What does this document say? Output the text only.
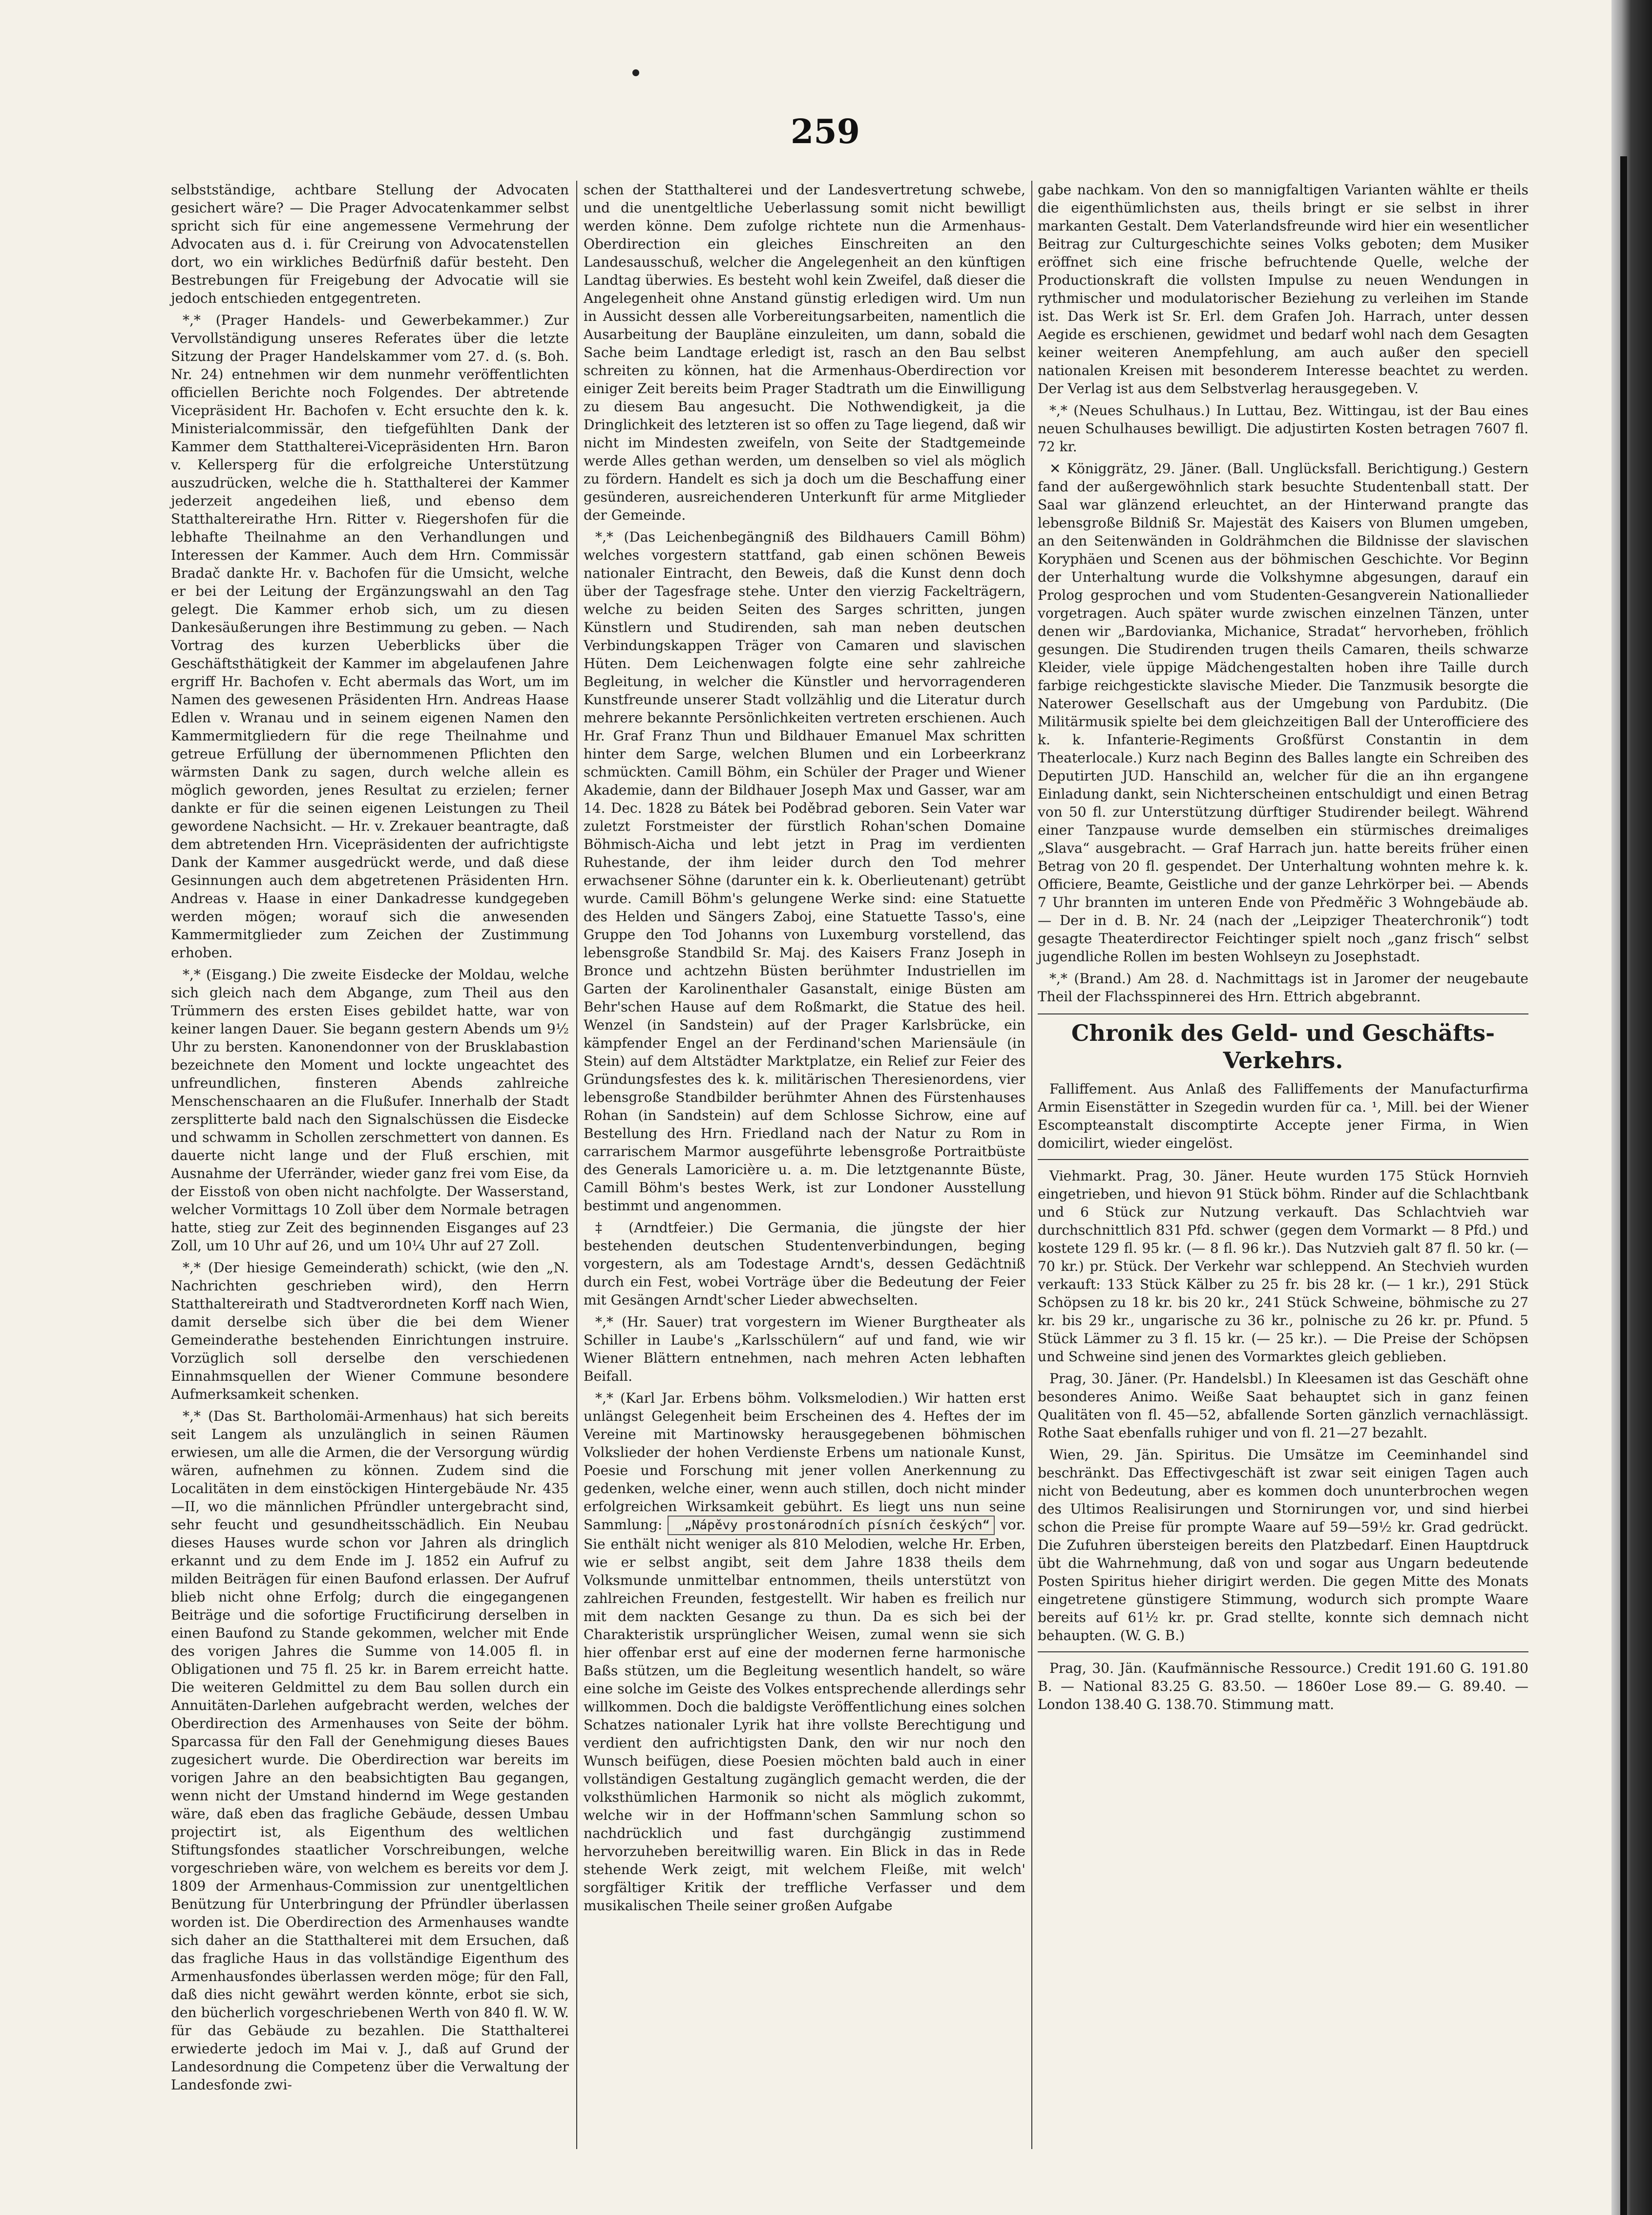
259

selbstständige, achtbare Stellung der Advocaten gesichert wäre? — Die Prager Advocatenkammer selbst spricht sich für eine angemessene Vermehrung der Advocaten aus d. i. für Creirung von Advocatenstellen dort, wo ein wirkliches Bedürfniß dafür besteht. Den Bestrebungen für Freigebung der Advocatie will sie jedoch entschieden entgegentreten.

*,* (Prager Handels- und Gewerbekammer.) Zur Vervollständigung unseres Referates über die letzte Sitzung der Prager Handelskammer vom 27. d. (s. Boh. Nr. 24) entnehmen wir dem nunmehr veröffentlichten officiellen Berichte noch Folgendes. Der abtretende Vicepräsident Hr. Bachofen v. Echt ersuchte den k. k. Ministerialcommissär, den tiefgefühlten Dank der Kammer dem Statthalterei-Vicepräsidenten Hrn. Baron v. Kellersperg für die erfolgreiche Unterstützung auszudrücken, welche die h. Statthalterei der Kammer jederzeit angedeihen ließ, und ebenso dem Statthaltereirathe Hrn. Ritter v. Riegershofen für die lebhafte Theilnahme an den Verhandlungen und Interessen der Kammer. Auch dem Hrn. Commissär Bradač dankte Hr. v. Bachofen für die Umsicht, welche er bei der Leitung der Ergänzungswahl an den Tag gelegt. Die Kammer erhob sich, um zu diesen Dankesäußerungen ihre Bestimmung zu geben. — Nach Vortrag des kurzen Ueberblicks über die Geschäftsthätigkeit der Kammer im abgelaufenen Jahre ergriff Hr. Bachofen v. Echt abermals das Wort, um im Namen des gewesenen Präsidenten Hrn. Andreas Haase Edlen v. Wranau und in seinem eigenen Namen den Kammermitgliedern für die rege Theilnahme und getreue Erfüllung der übernommenen Pflichten den wärmsten Dank zu sagen, durch welche allein es möglich geworden, jenes Resultat zu erzielen; ferner dankte er für die seinen eigenen Leistungen zu Theil gewordene Nachsicht. — Hr. v. Zrekauer beantragte, daß dem abtretenden Hrn. Vicepräsidenten der aufrichtigste Dank der Kammer ausgedrückt werde, und daß diese Gesinnungen auch dem abgetretenen Präsidenten Hrn. Andreas v. Haase in einer Dankadresse kundgegeben werden mögen; worauf sich die anwesenden Kammermitglieder zum Zeichen der Zustimmung erhoben.

*,* (Eisgang.) Die zweite Eisdecke der Moldau, welche sich gleich nach dem Abgange, zum Theil aus den Trümmern des ersten Eises gebildet hatte, war von keiner langen Dauer. Sie begann gestern Abends um 9½ Uhr zu bersten. Kanonendonner von der Brusklabastion bezeichnete den Moment und lockte ungeachtet des unfreundlichen, finsteren Abends zahlreiche Menschenschaaren an die Flußufer. Innerhalb der Stadt zersplitterte bald nach den Signalschüssen die Eisdecke und schwamm in Schollen zerschmettert von dannen. Es dauerte nicht lange und der Fluß erschien, mit Ausnahme der Uferränder, wieder ganz frei vom Eise, da der Eisstoß von oben nicht nachfolgte. Der Wasserstand, welcher Vormittags 10 Zoll über dem Normale betragen hatte, stieg zur Zeit des beginnenden Eisganges auf 23 Zoll, um 10 Uhr auf 26, und um 10¼ Uhr auf 27 Zoll.

*,* (Der hiesige Gemeinderath) schickt, (wie den „N. Nachrichten geschrieben wird), den Herrn Statthaltereirath und Stadtverordneten Korff nach Wien, damit derselbe sich über die bei dem Wiener Gemeinderathe bestehenden Einrichtungen instruire. Vorzüglich soll derselbe den verschiedenen Einnahmsquellen der Wiener Commune besondere Aufmerksamkeit schenken.

*,* (Das St. Bartholomäi-Armenhaus) hat sich bereits seit Langem als unzulänglich in seinen Räumen erwiesen, um alle die Armen, die der Versorgung würdig wären, aufnehmen zu können. Zudem sind die Localitäten in dem einstöckigen Hintergebäude Nr. 435—II, wo die männlichen Pfründler untergebracht sind, sehr feucht und gesundheitsschädlich. Ein Neubau dieses Hauses wurde schon vor Jahren als dringlich erkannt und zu dem Ende im J. 1852 ein Aufruf zu milden Beiträgen für einen Baufond erlassen. Der Aufruf blieb nicht ohne Erfolg; durch die eingegangenen Beiträge und die sofortige Fructificirung derselben in einen Baufond zu Stande gekommen, welcher mit Ende des vorigen Jahres die Summe von 14.005 fl. in Obligationen und 75 fl. 25 kr. in Barem erreicht hatte. Die weiteren Geldmittel zu dem Bau sollen durch ein Annuitäten-Darlehen aufgebracht werden, welches der Oberdirection des Armenhauses von Seite der böhm. Sparcassa für den Fall der Genehmigung dieses Baues zugesichert wurde. Die Oberdirection war bereits im vorigen Jahre an den beabsichtigten Bau gegangen, wenn nicht der Umstand hindernd im Wege gestanden wäre, daß eben das fragliche Gebäude, dessen Umbau projectirt ist, als Eigenthum des weltlichen Stiftungsfondes staatlicher Vorschreibungen, welche vorgeschrieben wäre, von welchem es bereits vor dem J. 1809 der Armenhaus-Commission zur unentgeltlichen Benützung für Unterbringung der Pfründler überlassen worden ist. Die Oberdirection des Armenhauses wandte sich daher an die Statthalterei mit dem Ersuchen, daß das fragliche Haus in das vollständige Eigenthum des Armenhausfondes überlassen werden möge; für den Fall, daß dies nicht gewährt werden könnte, erbot sie sich, den bücherlich vorgeschriebenen Werth von 840 fl. W. W. für das Gebäude zu bezahlen. Die Statthalterei erwiederte jedoch im Mai v. J., daß auf Grund der Landesordnung die Competenz über die Verwaltung der Landesfonde zwi-

schen der Statthalterei und der Landesvertretung schwebe, und die unentgeltliche Ueberlassung somit nicht bewilligt werden könne. Dem zufolge richtete nun die Armenhaus-Oberdirection ein gleiches Einschreiten an den Landesausschuß, welcher die Angelegenheit an den künftigen Landtag überwies. Es besteht wohl kein Zweifel, daß dieser die Angelegenheit ohne Anstand günstig erledigen wird. Um nun in Aussicht dessen alle Vorbereitungsarbeiten, namentlich die Ausarbeitung der Baupläne einzuleiten, um dann, sobald die Sache beim Landtage erledigt ist, rasch an den Bau selbst schreiten zu können, hat die Armenhaus-Oberdirection vor einiger Zeit bereits beim Prager Stadtrath um die Einwilligung zu diesem Bau angesucht. Die Nothwendigkeit, ja die Dringlichkeit des letzteren ist so offen zu Tage liegend, daß wir nicht im Mindesten zweifeln, von Seite der Stadtgemeinde werde Alles gethan werden, um denselben so viel als möglich zu fördern. Handelt es sich ja doch um die Beschaffung einer gesünderen, ausreichenderen Unterkunft für arme Mitglieder der Gemeinde.

*,* (Das Leichenbegängniß des Bildhauers Camill Böhm) welches vorgestern stattfand, gab einen schönen Beweis nationaler Eintracht, den Beweis, daß die Kunst denn doch über der Tagesfrage stehe. Unter den vierzig Fackelträgern, welche zu beiden Seiten des Sarges schritten, jungen Künstlern und Studirenden, sah man neben deutschen Verbindungskappen Träger von Camaren und slavischen Hüten. Dem Leichenwagen folgte eine sehr zahlreiche Begleitung, in welcher die Künstler und hervorragenderen Kunstfreunde unserer Stadt vollzählig und die Literatur durch mehrere bekannte Persönlichkeiten vertreten erschienen. Auch Hr. Graf Franz Thun und Bildhauer Emanuel Max schritten hinter dem Sarge, welchen Blumen und ein Lorbeerkranz schmückten. Camill Böhm, ein Schüler der Prager und Wiener Akademie, dann der Bildhauer Joseph Max und Gasser, war am 14. Dec. 1828 zu Bátek bei Poděbrad geboren. Sein Vater war zuletzt Forstmeister der fürstlich Rohan'schen Domaine Böhmisch-Aicha und lebt jetzt in Prag im verdienten Ruhestande, der ihm leider durch den Tod mehrer erwachsener Söhne (darunter ein k. k. Oberlieutenant) getrübt wurde. Camill Böhm's gelungene Werke sind: eine Statuette des Helden und Sängers Zaboj, eine Statuette Tasso's, eine Gruppe den Tod Johanns von Luxemburg vorstellend, das lebensgroße Standbild Sr. Maj. des Kaisers Franz Joseph in Bronce und achtzehn Büsten berühmter Industriellen im Garten der Karolinenthaler Gasanstalt, einige Büsten am Behr'schen Hause auf dem Roßmarkt, die Statue des heil. Wenzel (in Sandstein) auf der Prager Karlsbrücke, ein kämpfender Engel an der Ferdinand'schen Mariensäule (in Stein) auf dem Altstädter Marktplatze, ein Relief zur Feier des Gründungsfestes des k. k. militärischen Theresienordens, vier lebensgroße Standbilder berühmter Ahnen des Fürstenhauses Rohan (in Sandstein) auf dem Schlosse Sichrow, eine auf Bestellung des Hrn. Friedland nach der Natur zu Rom in carrarischem Marmor ausgeführte lebensgroße Portraitbüste des Generals Lamoricière u. a. m. Die letztgenannte Büste, Camill Böhm's bestes Werk, ist zur Londoner Ausstellung bestimmt und angenommen.

‡ (Arndtfeier.) Die Germania, die jüngste der hier bestehenden deutschen Studentenverbindungen, beging vorgestern, als am Todestage Arndt's, dessen Gedächtniß durch ein Fest, wobei Vorträge über die Bedeutung der Feier mit Gesängen Arndt'scher Lieder abwechselten.

*,* (Hr. Sauer) trat vorgestern im Wiener Burgtheater als Schiller in Laube's „Karlsschülern“ auf und fand, wie wir Wiener Blättern entnehmen, nach mehren Acten lebhaften Beifall.

*,* (Karl Jar. Erbens böhm. Volksmelodien.) Wir hatten erst unlängst Gelegenheit beim Erscheinen des 4. Heftes der im Vereine mit Martinowsky herausgegebenen böhmischen Volkslieder der hohen Verdienste Erbens um nationale Kunst, Poesie und Forschung mit jener vollen Anerkennung zu gedenken, welche einer, wenn auch stillen, doch nicht minder erfolgreichen Wirksamkeit gebührt. Es liegt uns nun seine Sammlung: „Nápěvy prostonárodních písních českých“ vor. Sie enthält nicht weniger als 810 Melodien, welche Hr. Erben, wie er selbst angibt, seit dem Jahre 1838 theils dem Volksmunde unmittelbar entnommen, theils unterstützt von zahlreichen Freunden, festgestellt. Wir haben es freilich nur mit dem nackten Gesange zu thun. Da es sich bei der Charakteristik ursprünglicher Weisen, zumal wenn sie sich hier offenbar erst auf eine der modernen ferne harmonische Baßs stützen, um die Begleitung wesentlich handelt, so wäre eine solche im Geiste des Volkes entsprechende allerdings sehr willkommen. Doch die baldigste Veröffentlichung eines solchen Schatzes nationaler Lyrik hat ihre vollste Berechtigung und verdient den aufrichtigsten Dank, den wir nur noch den Wunsch beifügen, diese Poesien möchten bald auch in einer vollständigen Gestaltung zugänglich gemacht werden, die der volksthümlichen Harmonik so nicht als möglich zukommt, welche wir in der Hoffmann'schen Sammlung schon so nachdrücklich und fast durchgängig zustimmend hervorzuheben bereitwillig waren. Ein Blick in das in Rede stehende Werk zeigt, mit welchem Fleiße, mit welch' sorgfältiger Kritik der treffliche Verfasser und dem musikalischen Theile seiner großen Aufgabe

gabe nachkam. Von den so mannigfaltigen Varianten wählte er theils die eigenthümlichsten aus, theils bringt er sie selbst in ihrer markanten Gestalt. Dem Vaterlandsfreunde wird hier ein wesentlicher Beitrag zur Culturgeschichte seines Volks geboten; dem Musiker eröffnet sich eine frische befruchtende Quelle, welche der Productionskraft die vollsten Impulse zu neuen Wendungen in rythmischer und modulatorischer Beziehung zu verleihen im Stande ist. Das Werk ist Sr. Erl. dem Grafen Joh. Harrach, unter dessen Aegide es erschienen, gewidmet und bedarf wohl nach dem Gesagten keiner weiteren Anempfehlung, am auch außer den speciell nationalen Kreisen mit besonderem Interesse beachtet zu werden. Der Verlag ist aus dem Selbstverlag herausgegeben. V.

*,* (Neues Schulhaus.) In Luttau, Bez. Wittingau, ist der Bau eines neuen Schulhauses bewilligt. Die adjustirten Kosten betragen 7607 fl. 72 kr.

✕ Königgrätz, 29. Jäner. (Ball. Unglücksfall. Berichtigung.) Gestern fand der außergewöhnlich stark besuchte Studentenball statt. Der Saal war glänzend erleuchtet, an der Hinterwand prangte das lebensgroße Bildniß Sr. Majestät des Kaisers von Blumen umgeben, an den Seitenwänden in Goldrähmchen die Bildnisse der slavischen Koryphäen und Scenen aus der böhmischen Geschichte. Vor Beginn der Unterhaltung wurde die Volkshymne abgesungen, darauf ein Prolog gesprochen und vom Studenten-Gesangverein Nationallieder vorgetragen. Auch später wurde zwischen einzelnen Tänzen, unter denen wir „Bardovianka, Michanice, Stradat“ hervorheben, fröhlich gesungen. Die Studirenden trugen theils Camaren, theils schwarze Kleider, viele üppige Mädchengestalten hoben ihre Taille durch farbige reichgestickte slavische Mieder. Die Tanzmusik besorgte die Naterower Gesellschaft aus der Umgebung von Pardubitz. (Die Militärmusik spielte bei dem gleichzeitigen Ball der Unterofficiere des k. k. Infanterie-Regiments Großfürst Constantin in dem Theaterlocale.) Kurz nach Beginn des Balles langte ein Schreiben des Deputirten JUD. Hanschild an, welcher für die an ihn ergangene Einladung dankt, sein Nichterscheinen entschuldigt und einen Betrag von 50 fl. zur Unterstützung dürftiger Studirender beilegt. Während einer Tanzpause wurde demselben ein stürmisches dreimaliges „Slava“ ausgebracht. — Graf Harrach jun. hatte bereits früher einen Betrag von 20 fl. gespendet. Der Unterhaltung wohnten mehre k. k. Officiere, Beamte, Geistliche und der ganze Lehrkörper bei. — Abends 7 Uhr brannten im unteren Ende von Předměřic 3 Wohngebäude ab. — Der in d. B. Nr. 24 (nach der „Leipziger Theaterchronik“) todt gesagte Theaterdirector Feichtinger spielt noch „ganz frisch“ selbst jugendliche Rollen im besten Wohlseyn zu Josephstadt.

*,* (Brand.) Am 28. d. Nachmittags ist in Jaromer der neugebaute Theil der Flachsspinnerei des Hrn. Ettrich abgebrannt.

Chronik des Geld- und Geschäfts-Verkehrs.

Falliffement. Aus Anlaß des Falliffements der Manufacturfirma Armin Eisenstätter in Szegedin wurden für ca. ¹, Mill. bei der Wiener Escompteanstalt discomptirte Accepte jener Firma, in Wien domicilirt, wieder eingelöst.

Viehmarkt. Prag, 30. Jäner. Heute wurden 175 Stück Hornvieh eingetrieben, und hievon 91 Stück böhm. Rinder auf die Schlachtbank und 6 Stück zur Nutzung verkauft. Das Schlachtvieh war durchschnittlich 831 Pfd. schwer (gegen dem Vormarkt — 8 Pfd.) und kostete 129 fl. 95 kr. (— 8 fl. 96 kr.). Das Nutzvieh galt 87 fl. 50 kr. (— 70 kr.) pr. Stück. Der Verkehr war schleppend. An Stechvieh wurden verkauft: 133 Stück Kälber zu 25 fr. bis 28 kr. (— 1 kr.), 291 Stück Schöpsen zu 18 kr. bis 20 kr., 241 Stück Schweine, böhmische zu 27 kr. bis 29 kr., ungarische zu 36 kr., polnische zu 26 kr. pr. Pfund. 5 Stück Lämmer zu 3 fl. 15 kr. (— 25 kr.). — Die Preise der Schöpsen und Schweine sind jenen des Vormarktes gleich geblieben.

Prag, 30. Jäner. (Pr. Handelsbl.) In Kleesamen ist das Geschäft ohne besonderes Animo. Weiße Saat behauptet sich in ganz feinen Qualitäten von fl. 45—52, abfallende Sorten gänzlich vernachlässigt. Rothe Saat ebenfalls ruhiger und von fl. 21—27 bezahlt.

Wien, 29. Jän. Spiritus. Die Umsätze im Ceeminhandel sind beschränkt. Das Effectivgeschäft ist zwar seit einigen Tagen auch nicht von Bedeutung, aber es kommen doch ununterbrochen wegen des Ultimos Realisirungen und Stornirungen vor, und sind hierbei schon die Preise für prompte Waare auf 59—59½ kr. Grad gedrückt. Die Zufuhren übersteigen bereits den Platzbedarf. Einen Hauptdruck übt die Wahrnehmung, daß von und sogar aus Ungarn bedeutende Posten Spiritus hieher dirigirt werden. Die gegen Mitte des Monats eingetretene günstigere Stimmung, wodurch sich prompte Waare bereits auf 61½ kr. pr. Grad stellte, konnte sich demnach nicht behaupten. (W. G. B.)

Prag, 30. Jän. (Kaufmännische Ressource.) Credit 191.60 G. 191.80 B. — National 83.25 G. 83.50. — 1860er Lose 89.— G. 89.40. — London 138.40 G. 138.70. Stimmung matt.
